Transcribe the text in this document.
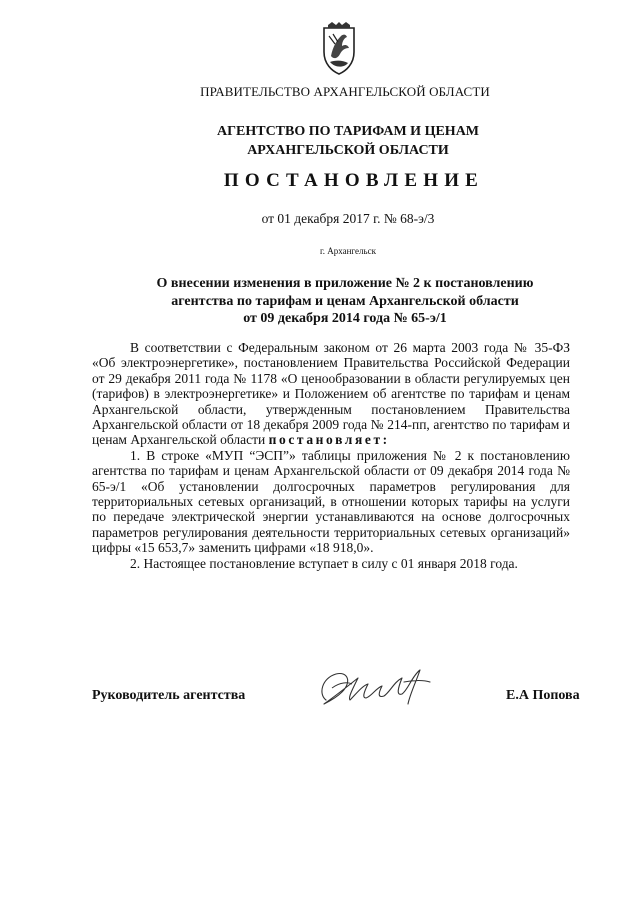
ПРАВИТЕЛЬСТВО АРХАНГЕЛЬСКОЙ ОБЛАСТИ
АГЕНТСТВО ПО ТАРИФАМ И ЦЕНАМ
АРХАНГЕЛЬСКОЙ ОБЛАСТИ
ПОСТАНОВЛЕНИЕ
от 01 декабря 2017 г. № 68-э/3
г. Архангельск
О внесении изменения в приложение № 2 к постановлению
агентства по тарифам и ценам Архангельской области
от 09 декабря 2014 года № 65-э/1

В соответствии с Федеральным законом от 26 марта 2003 года № 35-ФЗ «Об электроэнергетике», постановлением Правительства Российской Федерации от 29 декабря 2011 года № 1178 «О ценообразовании в области регулируемых цен (тарифов) в электроэнергетике» и Положением об агентстве по тарифам и ценам Архангельской области, утвержденным постановлением Правительства Архангельской области от 18 декабря 2009 года № 214-пп, агентство по тарифам и ценам Архангельской области постановляет:

1. В строке «МУП “ЭСП”» таблицы приложения № 2 к постановлению агентства по тарифам и ценам Архангельской области от 09 декабря 2014 года № 65-э/1 «Об установлении долгосрочных параметров регулирования для территориальных сетевых организаций, в отношении которых тарифы на услуги по передаче электрической энергии устанавливаются на основе долгосрочных параметров регулирования деятельности территориальных сетевых организаций» цифры «15 653,7» заменить цифрами «18 918,0».

2. Настоящее постановление вступает в силу с 01 января 2018 года.

Руководитель агентства	Е.А Попова
